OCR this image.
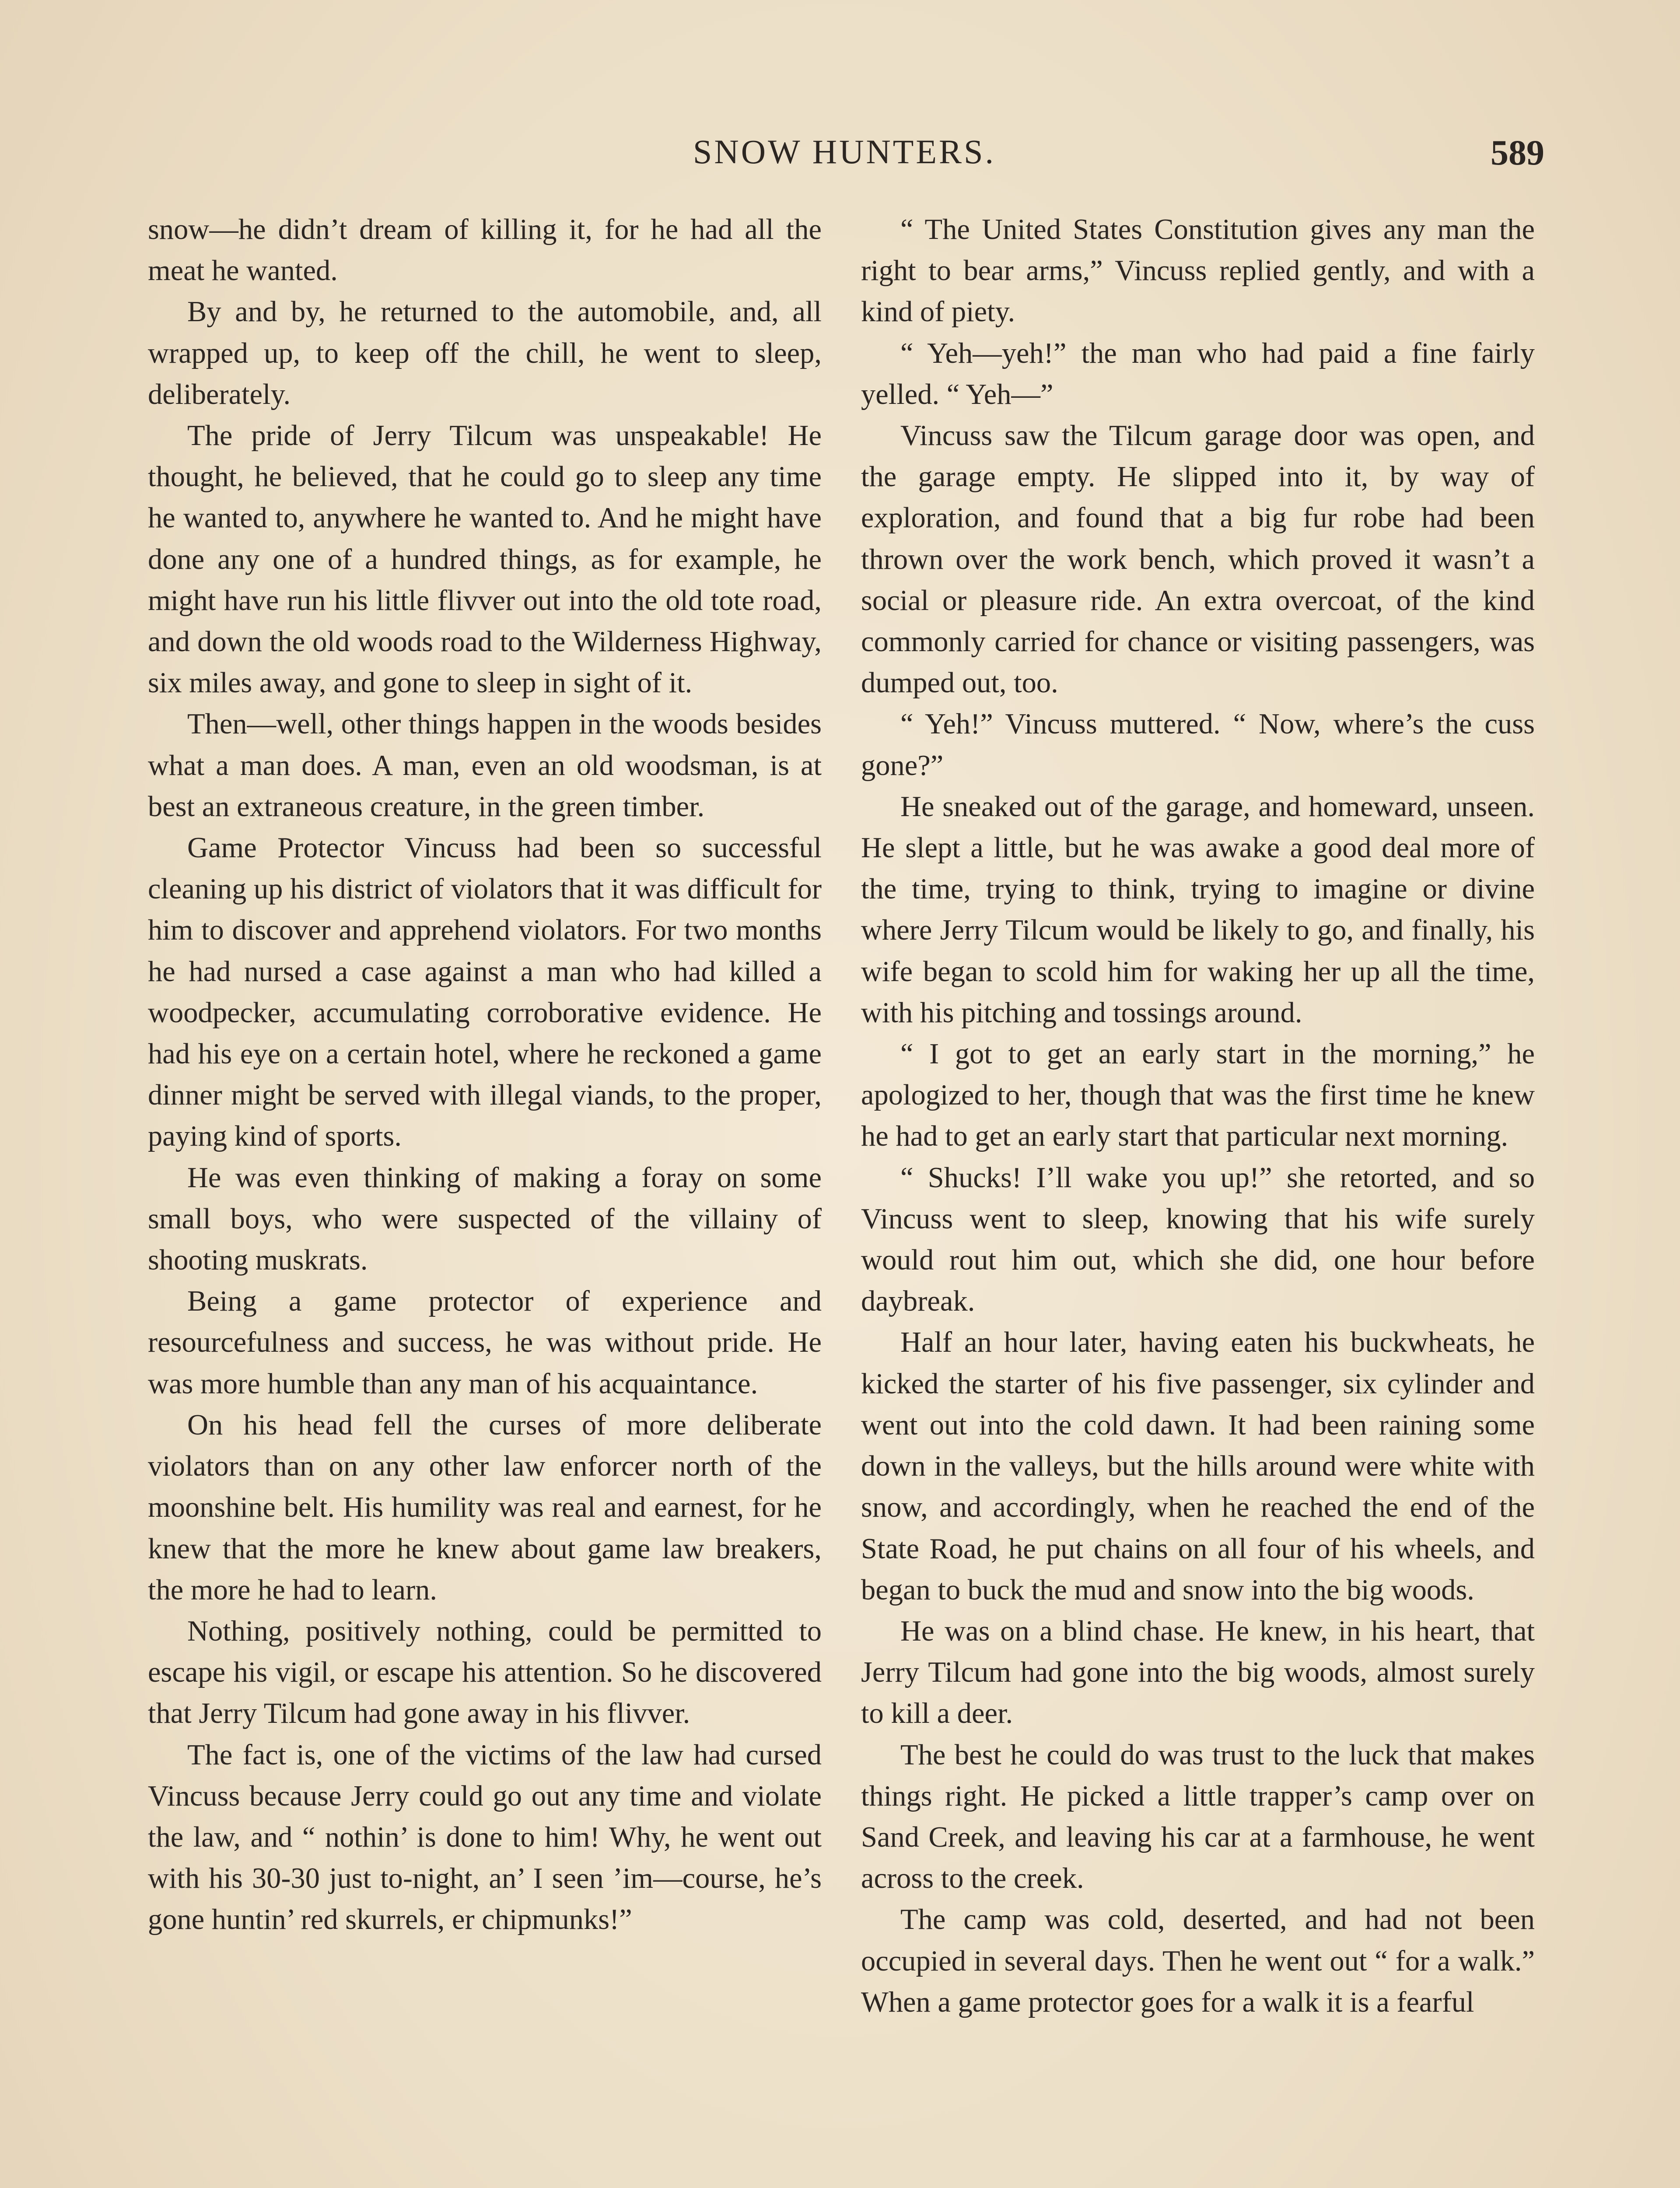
SNOW HUNTERS.	589

snow—he didn’t dream of killing it, for he had all the meat he wanted.

By and by, he returned to the automobile, and, all wrapped up, to keep off the chill, he went to sleep, deliberately.

The pride of Jerry Tilcum was unspeakable! He thought, he believed, that he could go to sleep any time he wanted to, anywhere he wanted to. And he might have done any one of a hundred things, as for example, he might have run his little flivver out into the old tote road, and down the old woods road to the Wilderness Highway, six miles away, and gone to sleep in sight of it.

Then—well, other things happen in the woods besides what a man does. A man, even an old woodsman, is at best an extraneous creature, in the green timber.

Game Protector Vincuss had been so successful cleaning up his district of violators that it was difficult for him to discover and apprehend violators. For two months he had nursed a case against a man who had killed a woodpecker, accumulating corroborative evidence. He had his eye on a certain hotel, where he reckoned a game dinner might be served with illegal viands, to the proper, paying kind of sports.

He was even thinking of making a foray on some small boys, who were suspected of the villainy of shooting muskrats.

Being a game protector of experience and resourcefulness and success, he was without pride. He was more humble than any man of his acquaintance.

On his head fell the curses of more deliberate violators than on any other law enforcer north of the moonshine belt. His humility was real and earnest, for he knew that the more he knew about game law breakers, the more he had to learn.

Nothing, positively nothing, could be permitted to escape his vigil, or escape his attention. So he discovered that Jerry Tilcum had gone away in his flivver.

The fact is, one of the victims of the law had cursed Vincuss because Jerry could go out any time and violate the law, and “ nothin’ is done to him! Why, he went out with his 30-30 just to-night, an’ I seen ’im—course, he’s gone huntin’ red skurrels, er chipmunks!”

“ The United States Constitution gives any man the right to bear arms,” Vincuss replied gently, and with a kind of piety.

“ Yeh—yeh!” the man who had paid a fine fairly yelled. “ Yeh—”

Vincuss saw the Tilcum garage door was open, and the garage empty. He slipped into it, by way of exploration, and found that a big fur robe had been thrown over the work bench, which proved it wasn’t a social or pleasure ride. An extra overcoat, of the kind commonly carried for chance or visiting passengers, was dumped out, too.

“ Yeh!” Vincuss muttered. “ Now, where’s the cuss gone?”

He sneaked out of the garage, and homeward, unseen. He slept a little, but he was awake a good deal more of the time, trying to think, trying to imagine or divine where Jerry Tilcum would be likely to go, and finally, his wife began to scold him for waking her up all the time, with his pitching and tossings around.

“ I got to get an early start in the morning,” he apologized to her, though that was the first time he knew he had to get an early start that particular next morning.

“ Shucks! I’ll wake you up!” she retorted, and so Vincuss went to sleep, knowing that his wife surely would rout him out, which she did, one hour before daybreak.

Half an hour later, having eaten his buckwheats, he kicked the starter of his five passenger, six cylinder and went out into the cold dawn. It had been raining some down in the valleys, but the hills around were white with snow, and accordingly, when he reached the end of the State Road, he put chains on all four of his wheels, and began to buck the mud and snow into the big woods.

He was on a blind chase. He knew, in his heart, that Jerry Tilcum had gone into the big woods, almost surely to kill a deer.

The best he could do was trust to the luck that makes things right. He picked a little trapper’s camp over on Sand Creek, and leaving his car at a farmhouse, he went across to the creek.

The camp was cold, deserted, and had not been occupied in several days. Then he went out “ for a walk.” When a game protector goes for a walk it is a fearful
